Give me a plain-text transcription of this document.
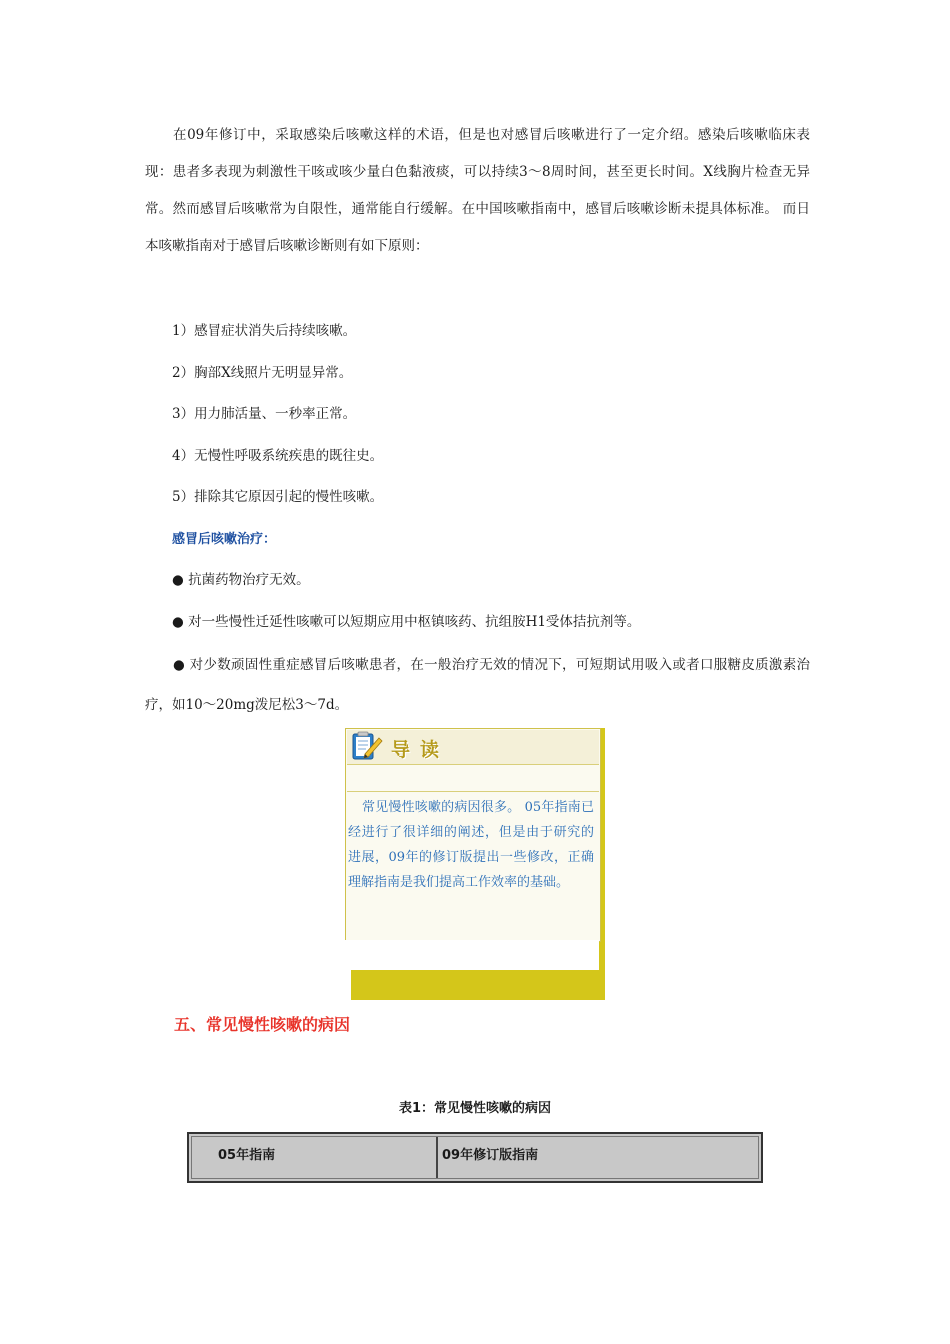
在09年修订中，采取感染后咳嗽这样的术语，但是也对感冒后咳嗽进行了一定介绍。感染后咳嗽临床表现：患者多表现为刺激性干咳或咳少量白色黏液痰，可以持续3～8周时间，甚至更长时间。X线胸片检查无异常。然而感冒后咳嗽常为自限性，通常能自行缓解。在中国咳嗽指南中，感冒后咳嗽诊断未提具体标准。 而日本咳嗽指南对于感冒后咳嗽诊断则有如下原则：

1）感冒症状消失后持续咳嗽。

2）胸部X线照片无明显异常。

3）用力肺活量、一秒率正常。

4）无慢性呼吸系统疾患的既往史。

5）排除其它原因引起的慢性咳嗽。

感冒后咳嗽治疗：

● 抗菌药物治疗无效。

● 对一些慢性迁延性咳嗽可以短期应用中枢镇咳药、抗组胺H1受体拮抗剂等。

● 对少数顽固性重症感冒后咳嗽患者，在一般治疗无效的情况下，可短期试用吸入或者口服糖皮质激素治疗，如10～20mg泼尼松3～7d。

导读

常见慢性咳嗽的病因很多。 05年指南已经进行了很详细的阐述，但是由于研究的进展，09年的修订版提出一些修改，正确理解指南是我们提高工作效率的基础。

五、常见慢性咳嗽的病因

表1：常见慢性咳嗽的病因

05年指南	09年修订版指南
